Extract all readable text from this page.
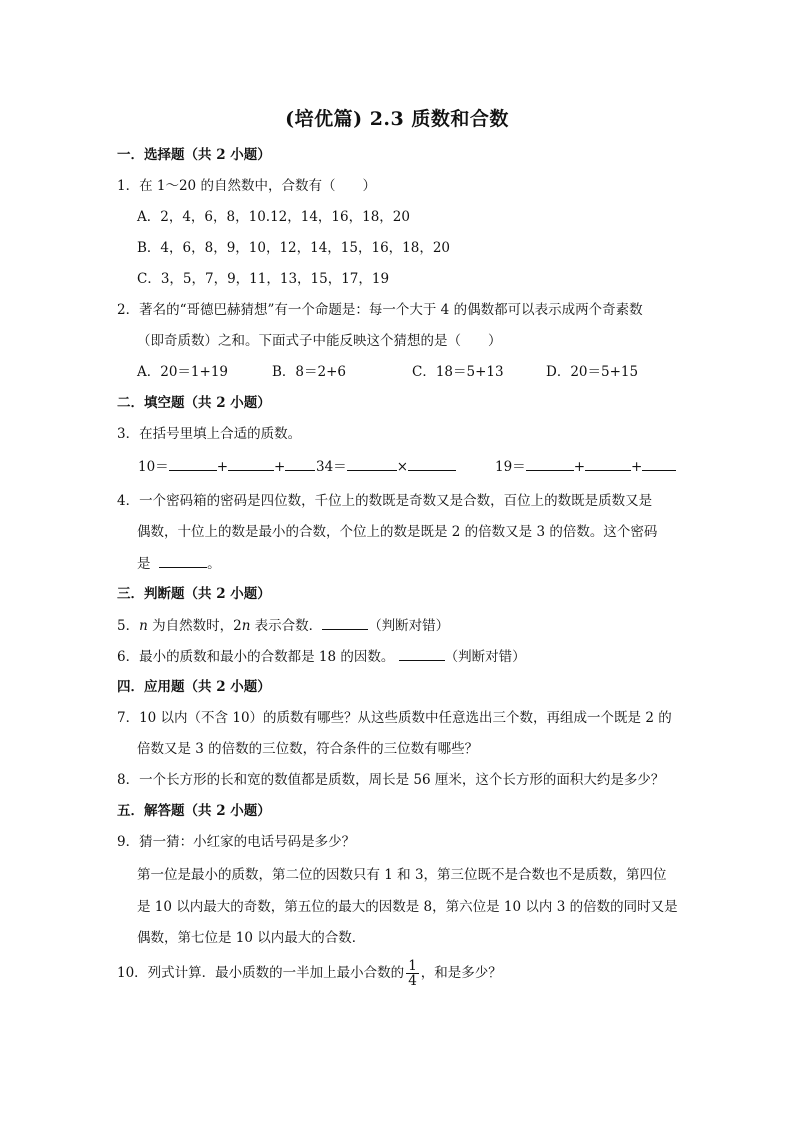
(培优篇) 2.3 质数和合数
一．选择题（共 2 小题）
1．在 1～20 的自然数中，合数有（　　）
A．2，4，6，8，10.12，14，16，18，20
B．4，6，8，9，10，12，14，15，16，18，20
C．3，5，7，9，11，13，15，17，19
2．著名的“哥德巴赫猜想”有一个命题是：每一个大于 4 的偶数都可以表示成两个奇素数
（即奇质数）之和。下面式子中能反映这个猜想的是（　　）
A．20＝1+19	B．8＝2+6	C．18＝5+13	D．20＝5+15
二．填空题（共 2 小题）
3．在括号里填上合适的质数。
10＝	+	+	34＝	×	19＝	+	+
4．一个密码箱的密码是四位数，千位上的数既是奇数又是合数，百位上的数既是质数又是
偶数，十位上的数是最小的合数，个位上的数是既是 2 的倍数又是 3 的倍数。这个密码
是	。
三．判断题（共 2 小题）
5．n 为自然数时，2n 表示合数．	（判断对错）
6．最小的质数和最小的合数都是 18 的因数。	（判断对错）
四．应用题（共 2 小题）
7．10 以内（不含 10）的质数有哪些？从这些质数中任意选出三个数，再组成一个既是 2 的
倍数又是 3 的倍数的三位数，符合条件的三位数有哪些？
8．一个长方形的长和宽的数值都是质数，周长是 56 厘米，这个长方形的面积大约是多少？
五．解答题（共 2 小题）
9．猜一猜：小红家的电话号码是多少？
第一位是最小的质数，第二位的因数只有 1 和 3，第三位既不是合数也不是质数，第四位
是 10 以内最大的奇数，第五位的最大的因数是 8，第六位是 10 以内 3 的倍数的同时又是
偶数，第七位是 10 以内最大的合数．
10．列式计算．最小质数的一半加上最小合数的 $\frac{1}{4}$ ，和是多少？
